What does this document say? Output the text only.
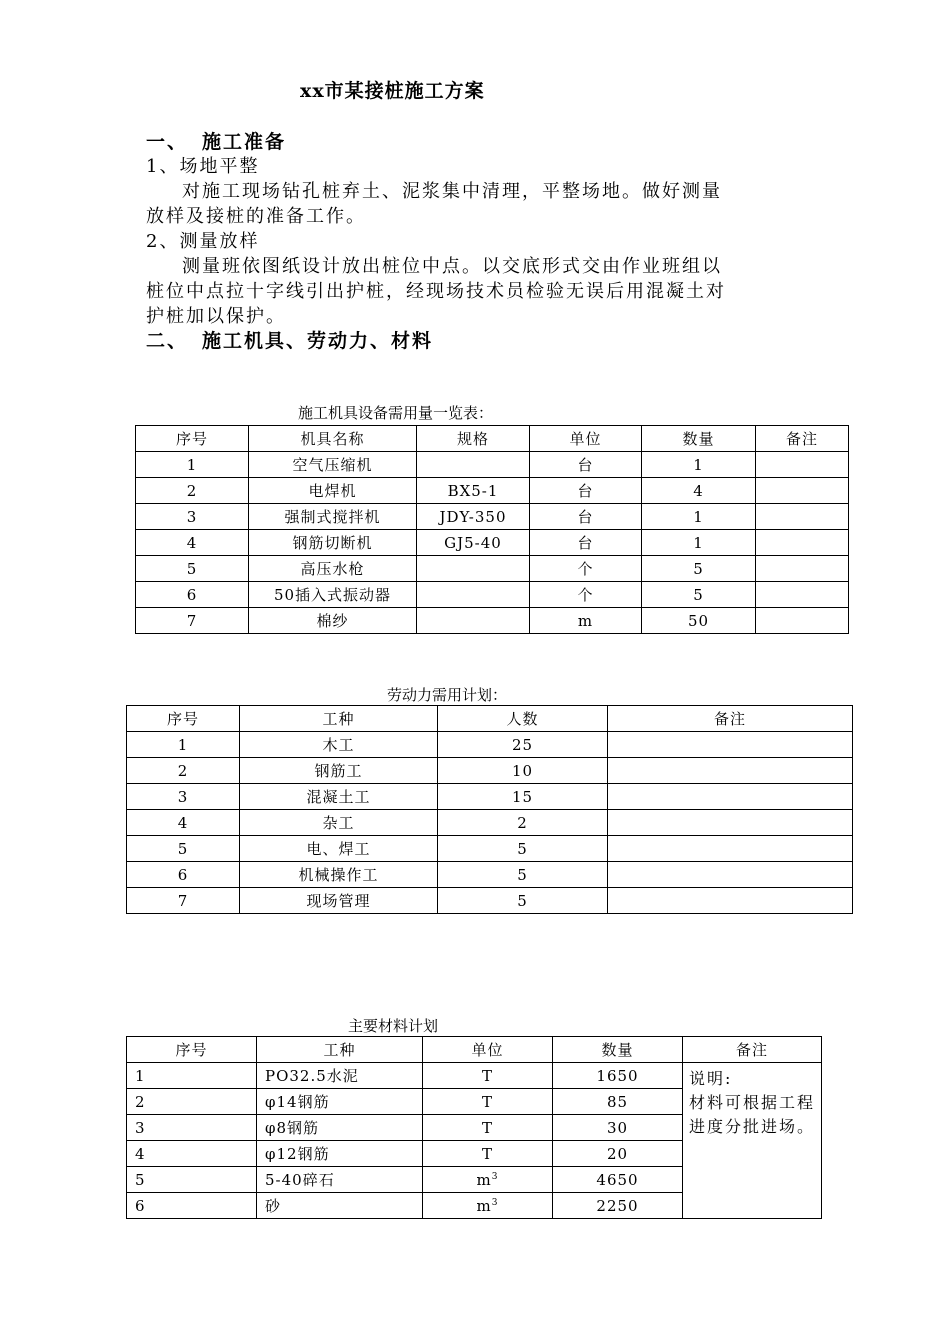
xx市某接桩施工方案
一、 施工准备
1、场地平整
对施工现场钻孔桩弃土、泥浆集中清理，平整场地。做好测量
放样及接桩的准备工作。
2、测量放样
测量班依图纸设计放出桩位中点。以交底形式交由作业班组以
桩位中点拉十字线引出护桩，经现场技术员检验无误后用混凝土对
护桩加以保护。
二、 施工机具、劳动力、材料
施工机具设备需用量一览表：
序号	机具名称	规格	单位	数量	备注
1	空气压缩机		台	1	
2	电焊机	BX5-1	台	4	
3	强制式搅拌机	JDY-350	台	1	
4	钢筋切断机	GJ5-40	台	1	
5	高压水枪		个	5	
6	50插入式振动器		个	5	
7	棉纱		m	50	
劳动力需用计划：
序号	工种	人数	备注
1	木工	25	
2	钢筋工	10	
3	混凝土工	15	
4	杂工	2	
5	电、焊工	5	
6	机械操作工	5	
7	现场管理	5	
主要材料计划
序号	工种	单位	数量	备注
1	PO32.5水泥	T	1650	说明:
材料可根据工程进度分批进场。

2	φ14钢筋	T	85	
3	φ8钢筋	T	30	
4	φ12钢筋	T	20	
5	5-40碎石	$m^3$	4650	
6	砂	$m^3$	2250	
